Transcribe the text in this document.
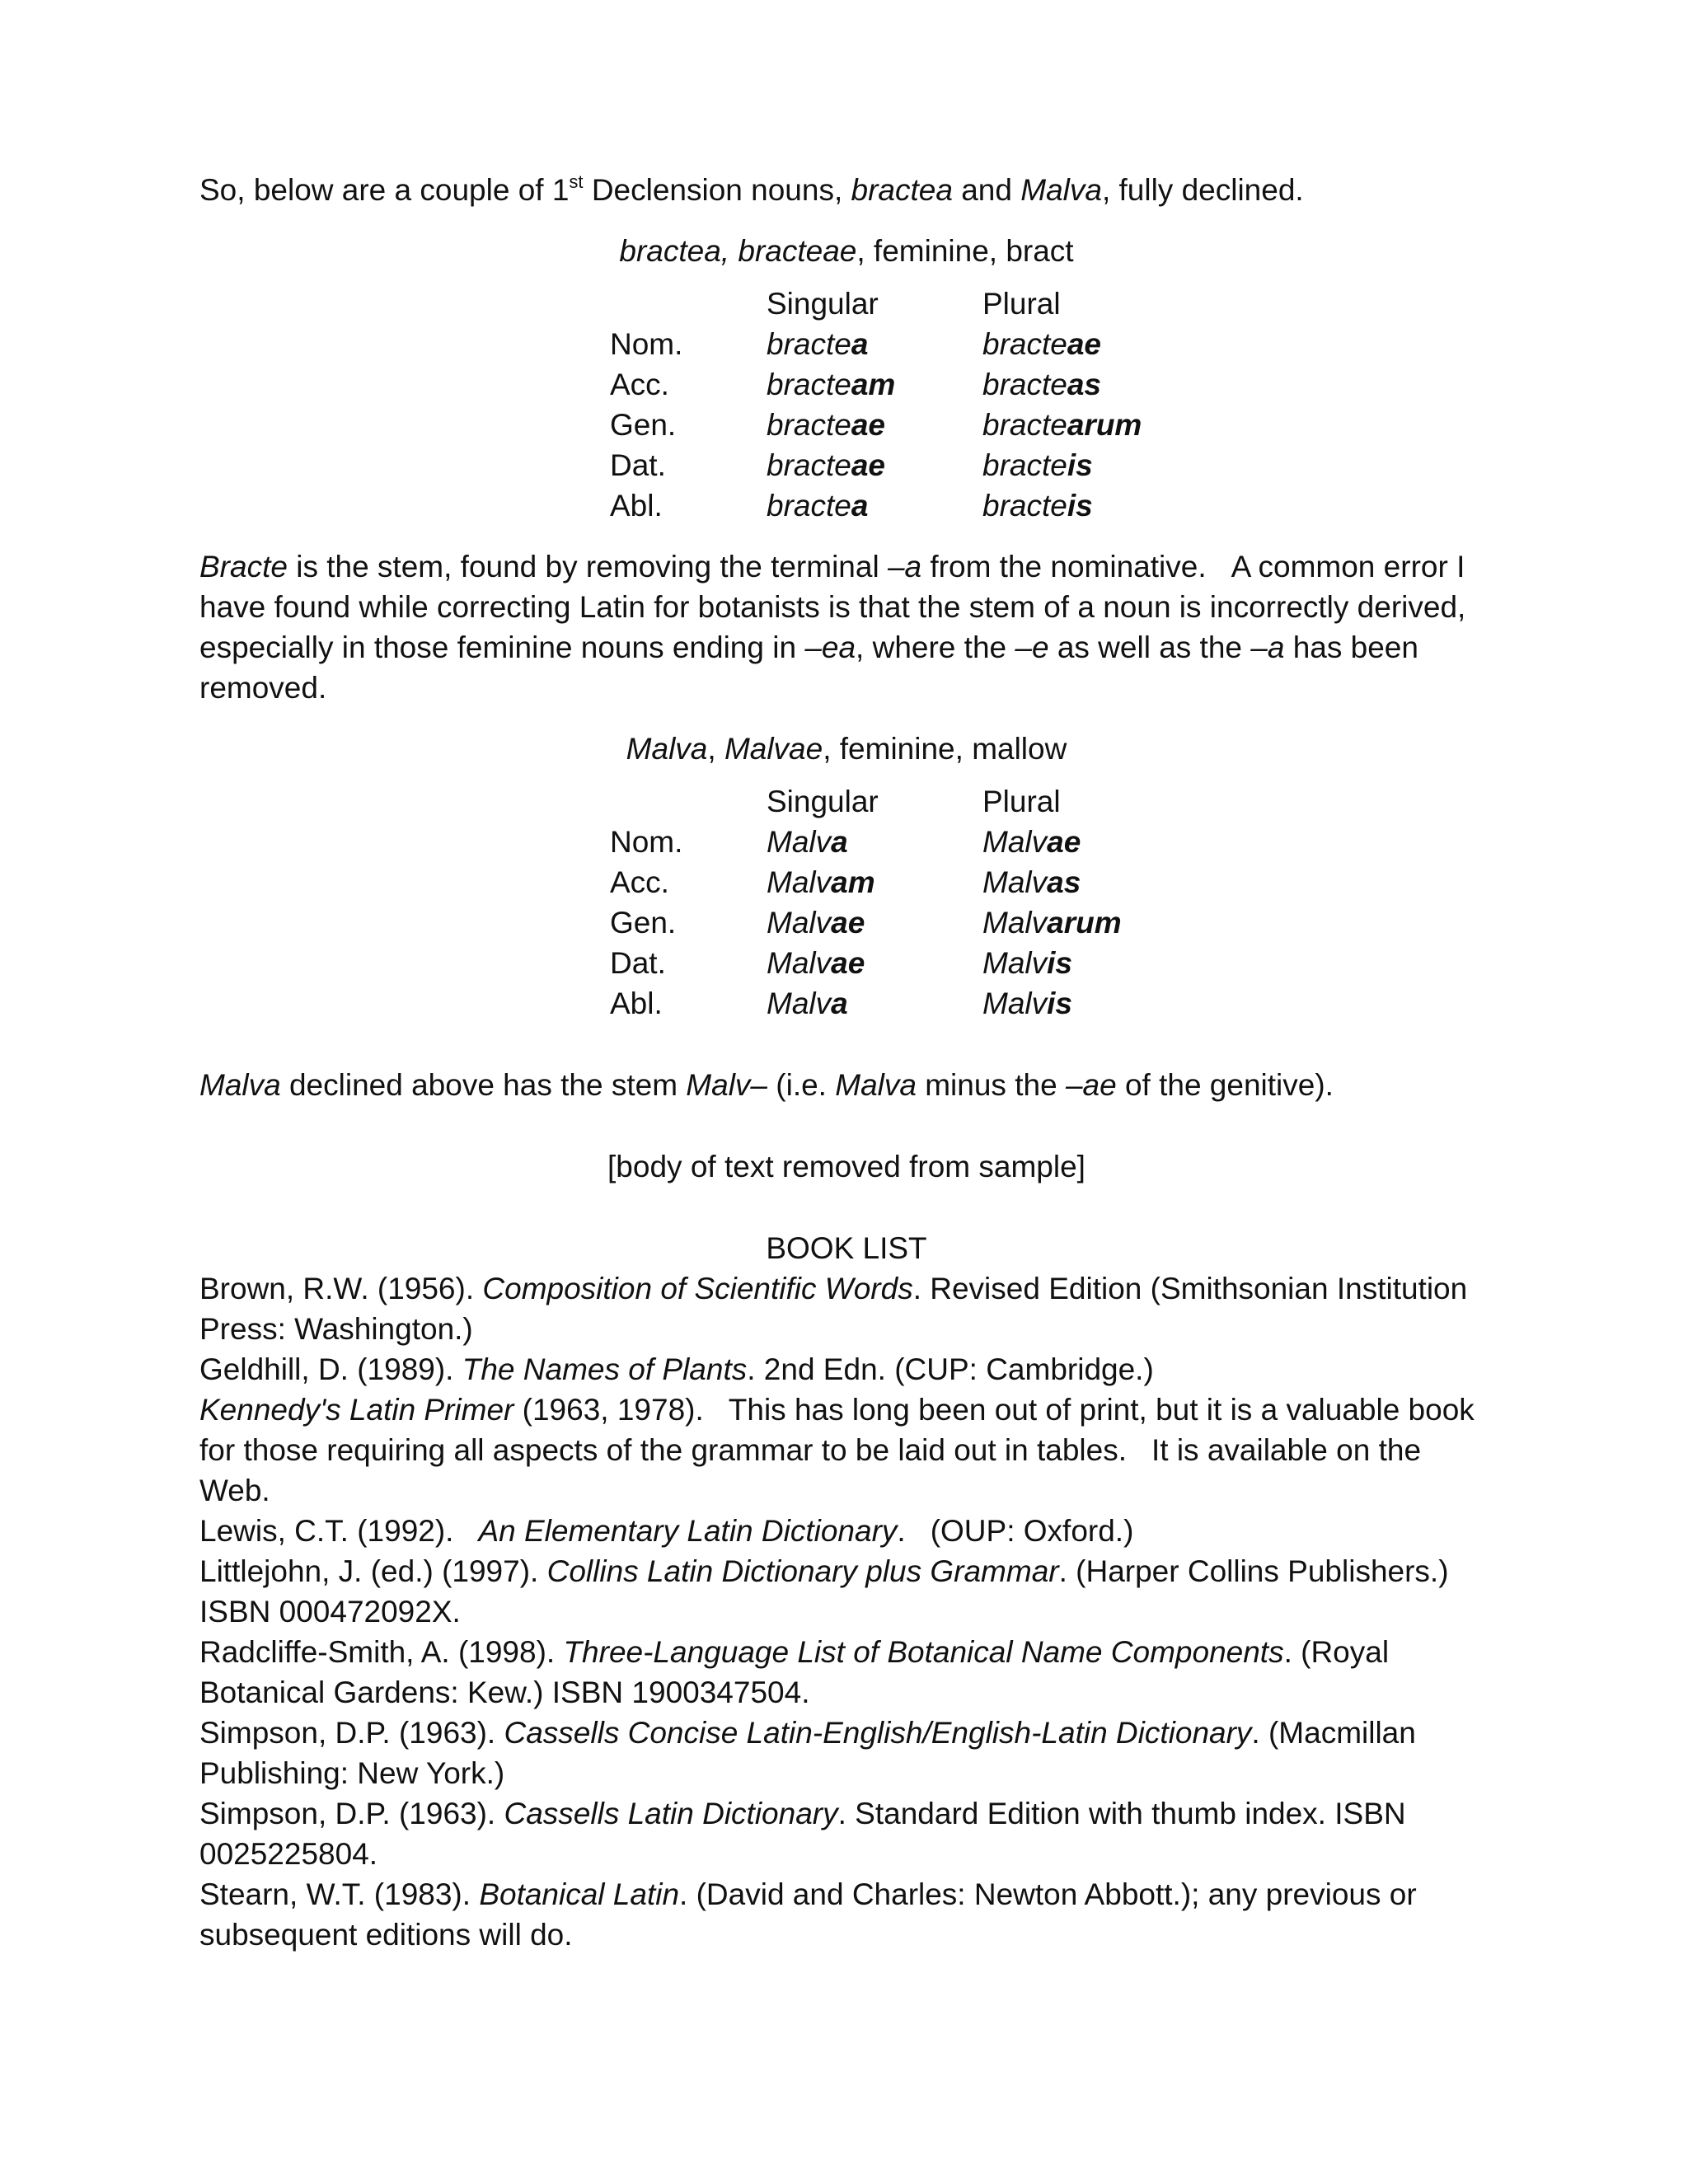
So, below are a couple of 1st Declension nouns, bractea and Malva, fully declined.

bractea, bracteae, feminine, bract

	Singular	Plural
Nom.	bractea	bracteae
Acc.	bracteam	bracteas
Gen.	bracteae	bractearum
Dat.	bracteae	bracteis
Abl.	bractea	bracteis

Bracte is the stem, found by removing the terminal –a from the nominative. A common error I have found while correcting Latin for botanists is that the stem of a noun is incorrectly derived, especially in those feminine nouns ending in –ea, where the –e as well as the –a has been removed.

Malva, Malvae, feminine, mallow

	Singular	Plural
Nom.	Malva	Malvae
Acc.	Malvam	Malvas
Gen.	Malvae	Malvarum
Dat.	Malvae	Malvis
Abl.	Malva	Malvis

Malva declined above has the stem Malv– (i.e. Malva minus the –ae of the genitive).

[body of text removed from sample]

BOOK LIST

Brown, R.W. (1956). Composition of Scientific Words. Revised Edition (Smithsonian Institution Press: Washington.)

Geldhill, D. (1989). The Names of Plants. 2nd Edn. (CUP: Cambridge.)

Kennedy's Latin Primer (1963, 1978). This has long been out of print, but it is a valuable book for those requiring all aspects of the grammar to be laid out in tables. It is available on the Web.

Lewis, C.T. (1992). An Elementary Latin Dictionary. (OUP: Oxford.)

Littlejohn, J. (ed.) (1997). Collins Latin Dictionary plus Grammar. (Harper Collins Publishers.) ISBN 000472092X.

Radcliffe-Smith, A. (1998). Three-Language List of Botanical Name Components. (Royal Botanical Gardens: Kew.) ISBN 1900347504.

Simpson, D.P. (1963). Cassells Concise Latin-English/English-Latin Dictionary. (Macmillan Publishing: New York.)

Simpson, D.P. (1963). Cassells Latin Dictionary. Standard Edition with thumb index. ISBN 0025225804.

Stearn, W.T. (1983). Botanical Latin. (David and Charles: Newton Abbott.); any previous or subsequent editions will do.
